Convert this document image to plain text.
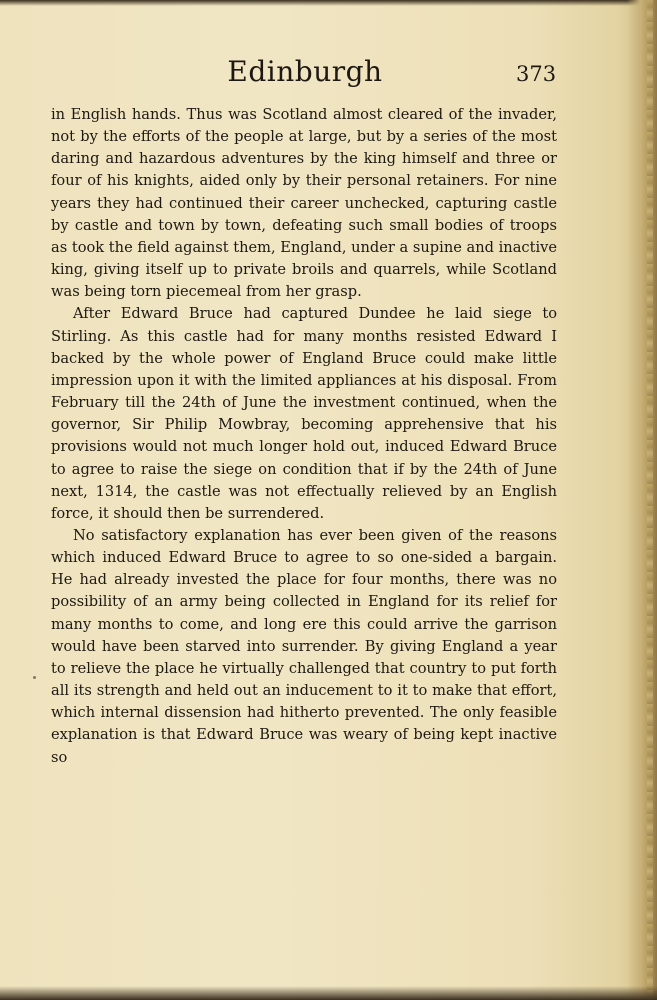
Edinburgh	373

in English hands. Thus was Scotland almost cleared of the invader, not by the efforts of the people at large, but by a series of the most daring and hazardous adventures by the king himself and three or four of his knights, aided only by their personal retainers. For nine years they had continued their career unchecked, capturing castle by castle and town by town, defeating such small bodies of troops as took the field against them, England, under a supine and inactive king, giving itself up to private broils and quarrels, while Scotland was being torn piecemeal from her grasp.

After Edward Bruce had captured Dundee he laid siege to Stirling. As this castle had for many months resisted Edward I backed by the whole power of England Bruce could make little impression upon it with the limited appliances at his disposal. From February till the 24th of June the investment continued, when the governor, Sir Philip Mowbray, becoming apprehensive that his provisions would not much longer hold out, induced Edward Bruce to agree to raise the siege on condition that if by the 24th of June next, 1314, the castle was not effectually relieved by an English force, it should then be surrendered.

No satisfactory explanation has ever been given of the reasons which induced Edward Bruce to agree to so one-sided a bargain. He had already invested the place for four months, there was no possibility of an army being collected in England for its relief for many months to come, and long ere this could arrive the garrison would have been starved into surrender. By giving England a year to relieve the place he virtually challenged that country to put forth all its strength and held out an inducement to it to make that effort, which internal dissension had hitherto prevented. The only feasible explanation is that Edward Bruce was weary of being kept inactive so
